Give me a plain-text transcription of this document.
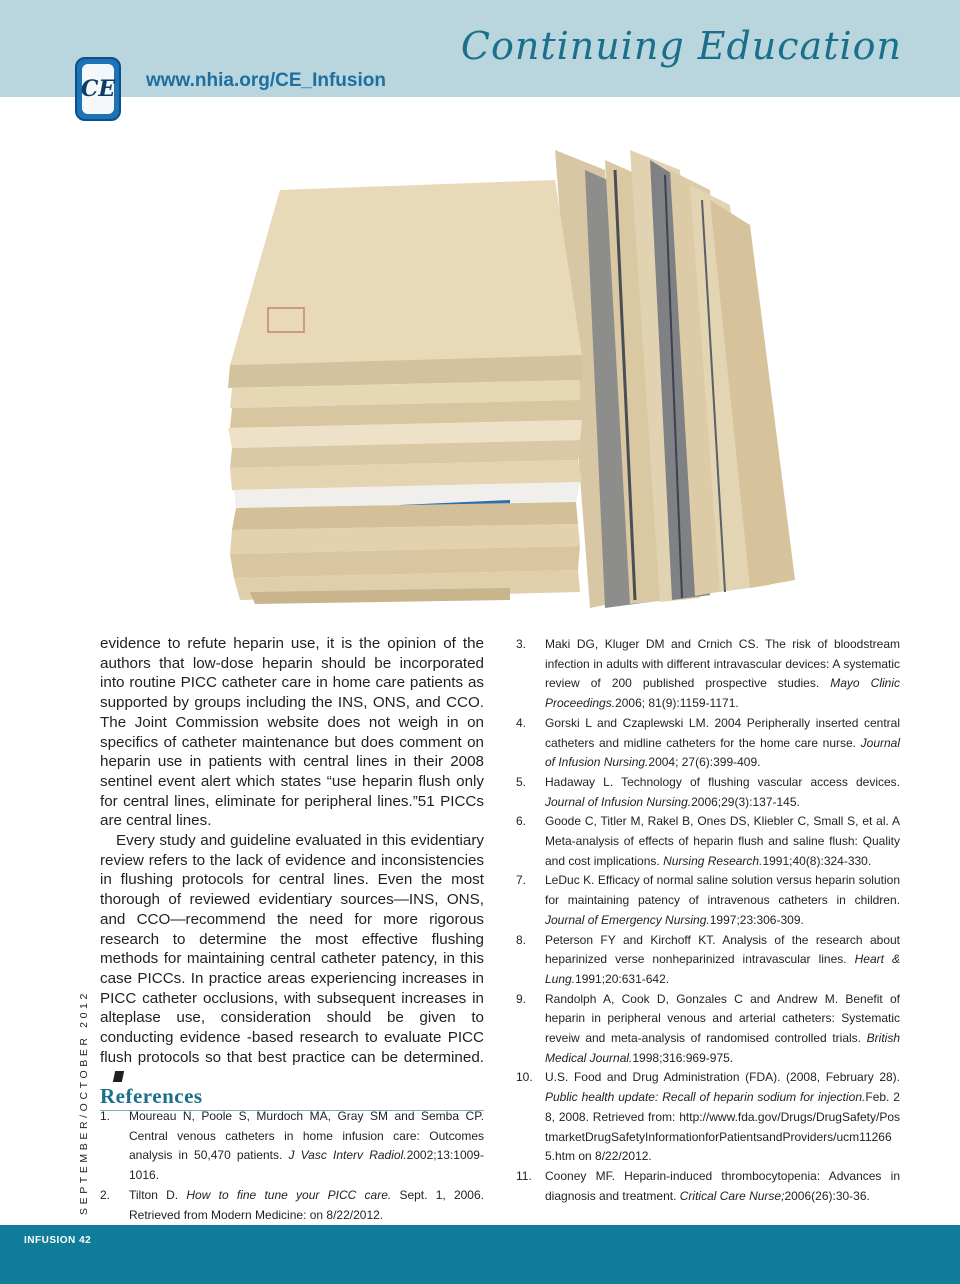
Continuing Education
CE www.nhia.org/CE_Infusion

evidence to refute heparin use, it is the opinion of the authors that low-dose heparin should be incorporated into routine PICC catheter care in home care patients as supported by groups including the INS, ONS, and CCO. The Joint Commission website does not weigh in on specifics of catheter maintenance but does comment on heparin use in patients with central lines in their 2008 sentinel event alert which states “use heparin flush only for central lines, eliminate for peripheral lines.”51 PICCs are central lines.

Every study and guideline evaluated in this evidentiary review refers to the lack of evidence and inconsistencies in flushing protocols for central lines. Even the most thorough of reviewed evidentiary sources—INS, ONS, and CCO—recommend the need for more rigorous research to determine the most effective flushing methods for maintaining central catheter patency, in this case PICCs. In practice areas experiencing increases in PICC catheter occlusions, with subsequent increases in alteplase use, consideration should be given to conducting evidence -based research to evaluate PICC flush protocols so that best practice can be determined.

References
1. Moureau N, Poole S, Murdoch MA, Gray SM and Semba CP. Central venous catheters in home infusion care: Outcomes analysis in 50,470 patients. J Vasc Interv Radiol.2002;13:1009-1016.
2. Tilton D. How to fine tune your PICC care. Sept. 1, 2006. Retrieved from Modern Medicine: on 8/22/2012.
3. Maki DG, Kluger DM and Crnich CS. The risk of bloodstream infection in adults with different intravascular devices: A systematic review of 200 published prospective studies. Mayo Clinic Proceedings.2006; 81(9):1159-1171.
4. Gorski L and Czaplewski LM. 2004 Peripherally inserted central catheters and midline catheters for the home care nurse. Journal of Infusion Nursing.2004; 27(6):399-409.
5. Hadaway L. Technology of flushing vascular access devices. Journal of Infusion Nursing.2006;29(3):137-145.
6. Goode C, Titler M, Rakel B, Ones DS, Kliebler C, Small S, et al. A Meta-analysis of effects of heparin flush and saline flush: Quality and cost implications. Nursing Research.1991;40(8):324-330.
7. LeDuc K. Efficacy of normal saline solution versus heparin solution for maintaining patency of intravenous catheters in children. Journal of Emergency Nursing.1997;23:306-309.
8. Peterson FY and Kirchoff KT. Analysis of the research about heparinized verse nonheparinized intravascular lines. Heart & Lung.1991;20:631-642.
9. Randolph A, Cook D, Gonzales C and Andrew M. Benefit of heparin in peripheral venous and arterial catheters: Systematic reveiw and meta-analysis of randomised controlled trials. British Medical Journal.1998;316:969-975.
10. U.S. Food and Drug Administration (FDA). (2008, February 28). Public health update: Recall of heparin sodium for injection.Feb. 28, 2008. Retrieved from: http://www.fda.gov/Drugs/DrugSafety/PostmarketDrugSafetyInformationforPatientsandProviders/ucm112665.htm on 8/22/2012.
11. Cooney MF. Heparin-induced thrombocytopenia: Advances in diagnosis and treatment. Critical Care Nurse;2006(26):30-36.
SEPTEMBER/OCTOBER 2012
INFUSION 42
